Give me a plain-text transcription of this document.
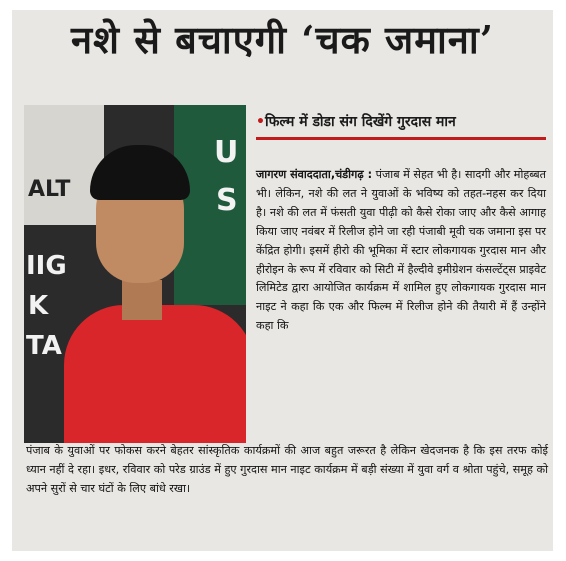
नशे से बचाएगी ‘चक जमाना’
ALT
U
S
IIG
K
TA
•फिल्म में डोडा संग दिखेंगे गुरदास मान
जागरण संवाददाता,चंडीगढ़ : पंजाब में सेहत भी है। सादगी और मोहब्बत भी। लेकिन, नशे की लत ने युवाओं के भविष्य को तहत-नहस कर दिया है। नशे की लत में फंसती युवा पीढ़ी को कैसे रोका जाए और कैसे आगाह किया जाए नवंबर में रिलीज होने जा रही पंजाबी मूवी चक जमाना इस पर केंद्रित होगी। इसमें हीरो की भूमिका में स्टार लोकगायक गुरदास मान और हीरोइन के रूप में रविवार को सिटी में हैल्दीवे इमीग्रेशन कंसल्टेंट्स प्राइवेट लिमिटेड द्वारा आयोजित कार्यक्रम में शामिल हुए लोकगायक गुरदास मान नाइट ने कहा कि एक और फिल्म में रिलीज होने की तैयारी में हैं उन्होंने कहा कि
पंजाब के युवाओं पर फोकस करने बेहतर सांस्कृतिक कार्यक्रमों की आज बहुत जरूरत है लेकिन खेदजनक है कि इस तरफ कोई ध्यान नहीं दे रहा। इधर, रविवार को परेड ग्राउंड में हुए गुरदास मान नाइट कार्यक्रम में बड़ी संख्या में युवा वर्ग व श्रोता पहुंचे, समूह को अपने सुरों से चार घंटों के लिए बांधे रखा।
